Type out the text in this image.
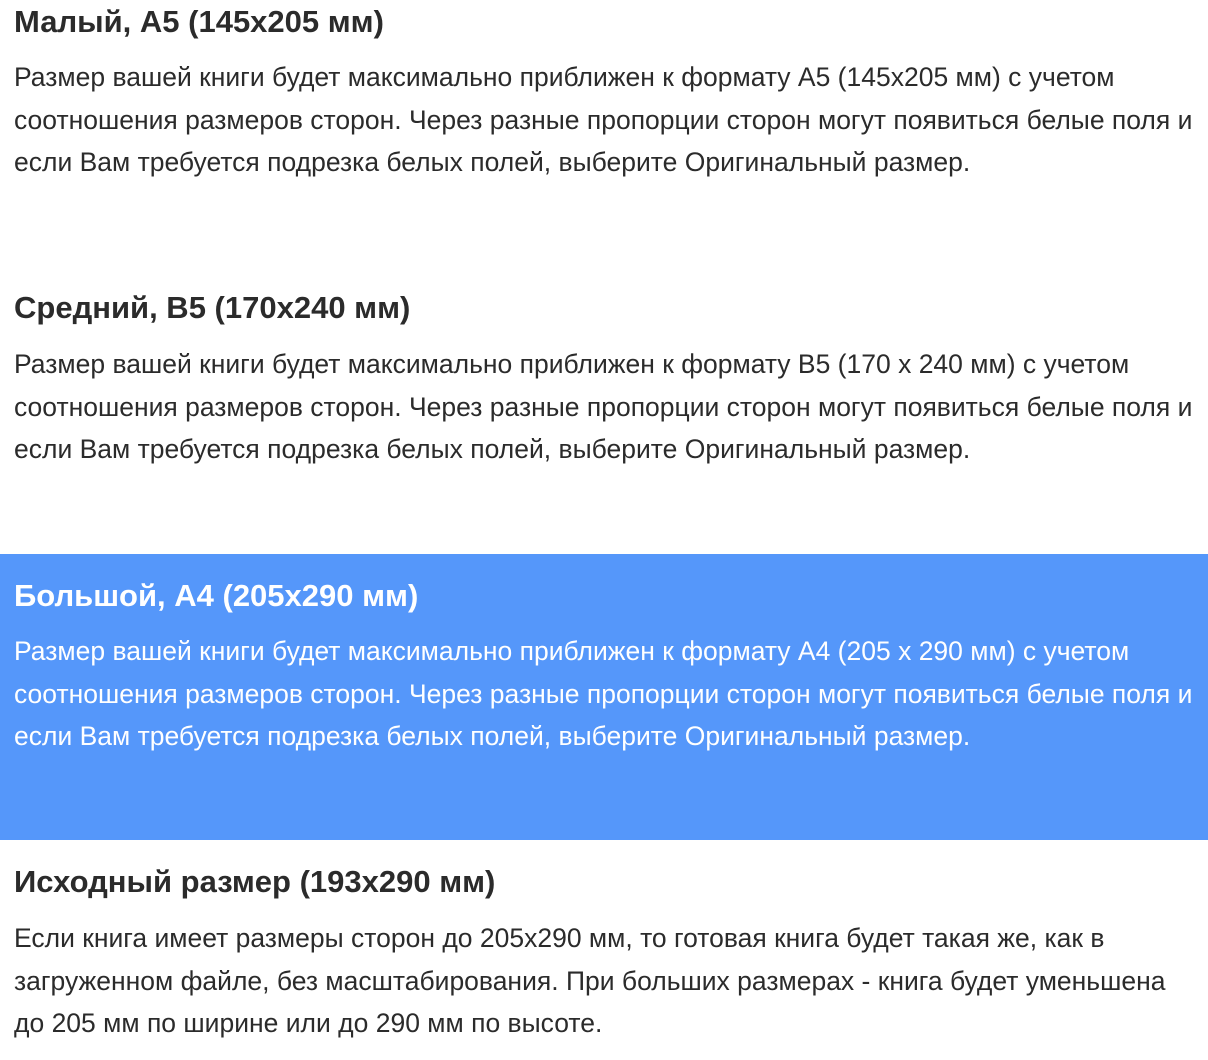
Малый, А5 (145x205 мм)

Размер вашей книги будет максимально приближен к формату А5 (145x205 мм) с учетом соотношения размеров сторон. Через разные пропорции сторон могут появиться белые поля и если Вам требуется подрезка белых полей, выберите Оригинальный размер.

Средний, B5 (170x240 мм)

Размер вашей книги будет максимально приближен к формату B5 (170 x 240 мм) с учетом соотношения размеров сторон. Через разные пропорции сторон могут появиться белые поля и если Вам требуется подрезка белых полей, выберите Оригинальный размер.

Большой, А4 (205x290 мм)

Размер вашей книги будет максимально приближен к формату А4 (205 x 290 мм) с учетом соотношения размеров сторон. Через разные пропорции сторон могут появиться белые поля и если Вам требуется подрезка белых полей, выберите Оригинальный размер.

Исходный размер (193x290 мм)

Если книга имеет размеры сторон до 205x290 мм, то готовая книга будет такая же, как в загруженном файле, без масштабирования. При больших размерах - книга будет уменьшена до 205 мм по ширине или до 290 мм по высоте.
